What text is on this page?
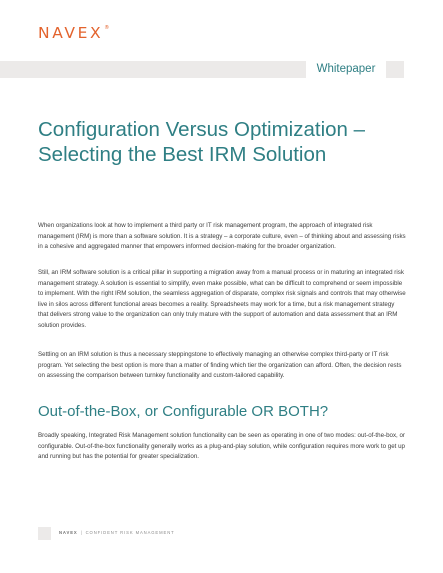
NAVEX®
Whitepaper
Configuration Versus Optimization – Selecting the Best IRM Solution

When organizations look at how to implement a third party or IT risk management program, the approach of integrated risk management (IRM) is more than a software solution. It is a strategy – a corporate culture, even – of thinking about and assessing risks in a cohesive and aggregated manner that empowers informed decision-making for the broader organization.

Still, an IRM software solution is a critical pillar in supporting a migration away from a manual process or in maturing an integrated risk management strategy. A solution is essential to simplify, even make possible, what can be difficult to comprehend or seem impossible to implement. With the right IRM solution, the seamless aggregation of disparate, complex risk signals and controls that may otherwise live in silos across different functional areas becomes a reality. Spreadsheets may work for a time, but a risk management strategy that delivers strong value to the organization can only truly mature with the support of automation and data assessment that an IRM solution provides.

Settling on an IRM solution is thus a necessary steppingstone to effectively managing an otherwise complex third-party or IT risk program. Yet selecting the best option is more than a matter of finding which tier the organization can afford. Often, the decision rests on assessing the comparison between turnkey functionality and custom-tailored capability.

Out-of-the-Box, or Configurable OR BOTH?

Broadly speaking, Integrated Risk Management solution functionality can be seen as operating in one of two modes: out-of-the-box, or configurable. Out-of-the-box functionality generally works as a plug-and-play solution, while configuration requires more work to get up and running but has the potential for greater specialization.

NAVEX | CONFIDENT RISK MANAGEMENT
